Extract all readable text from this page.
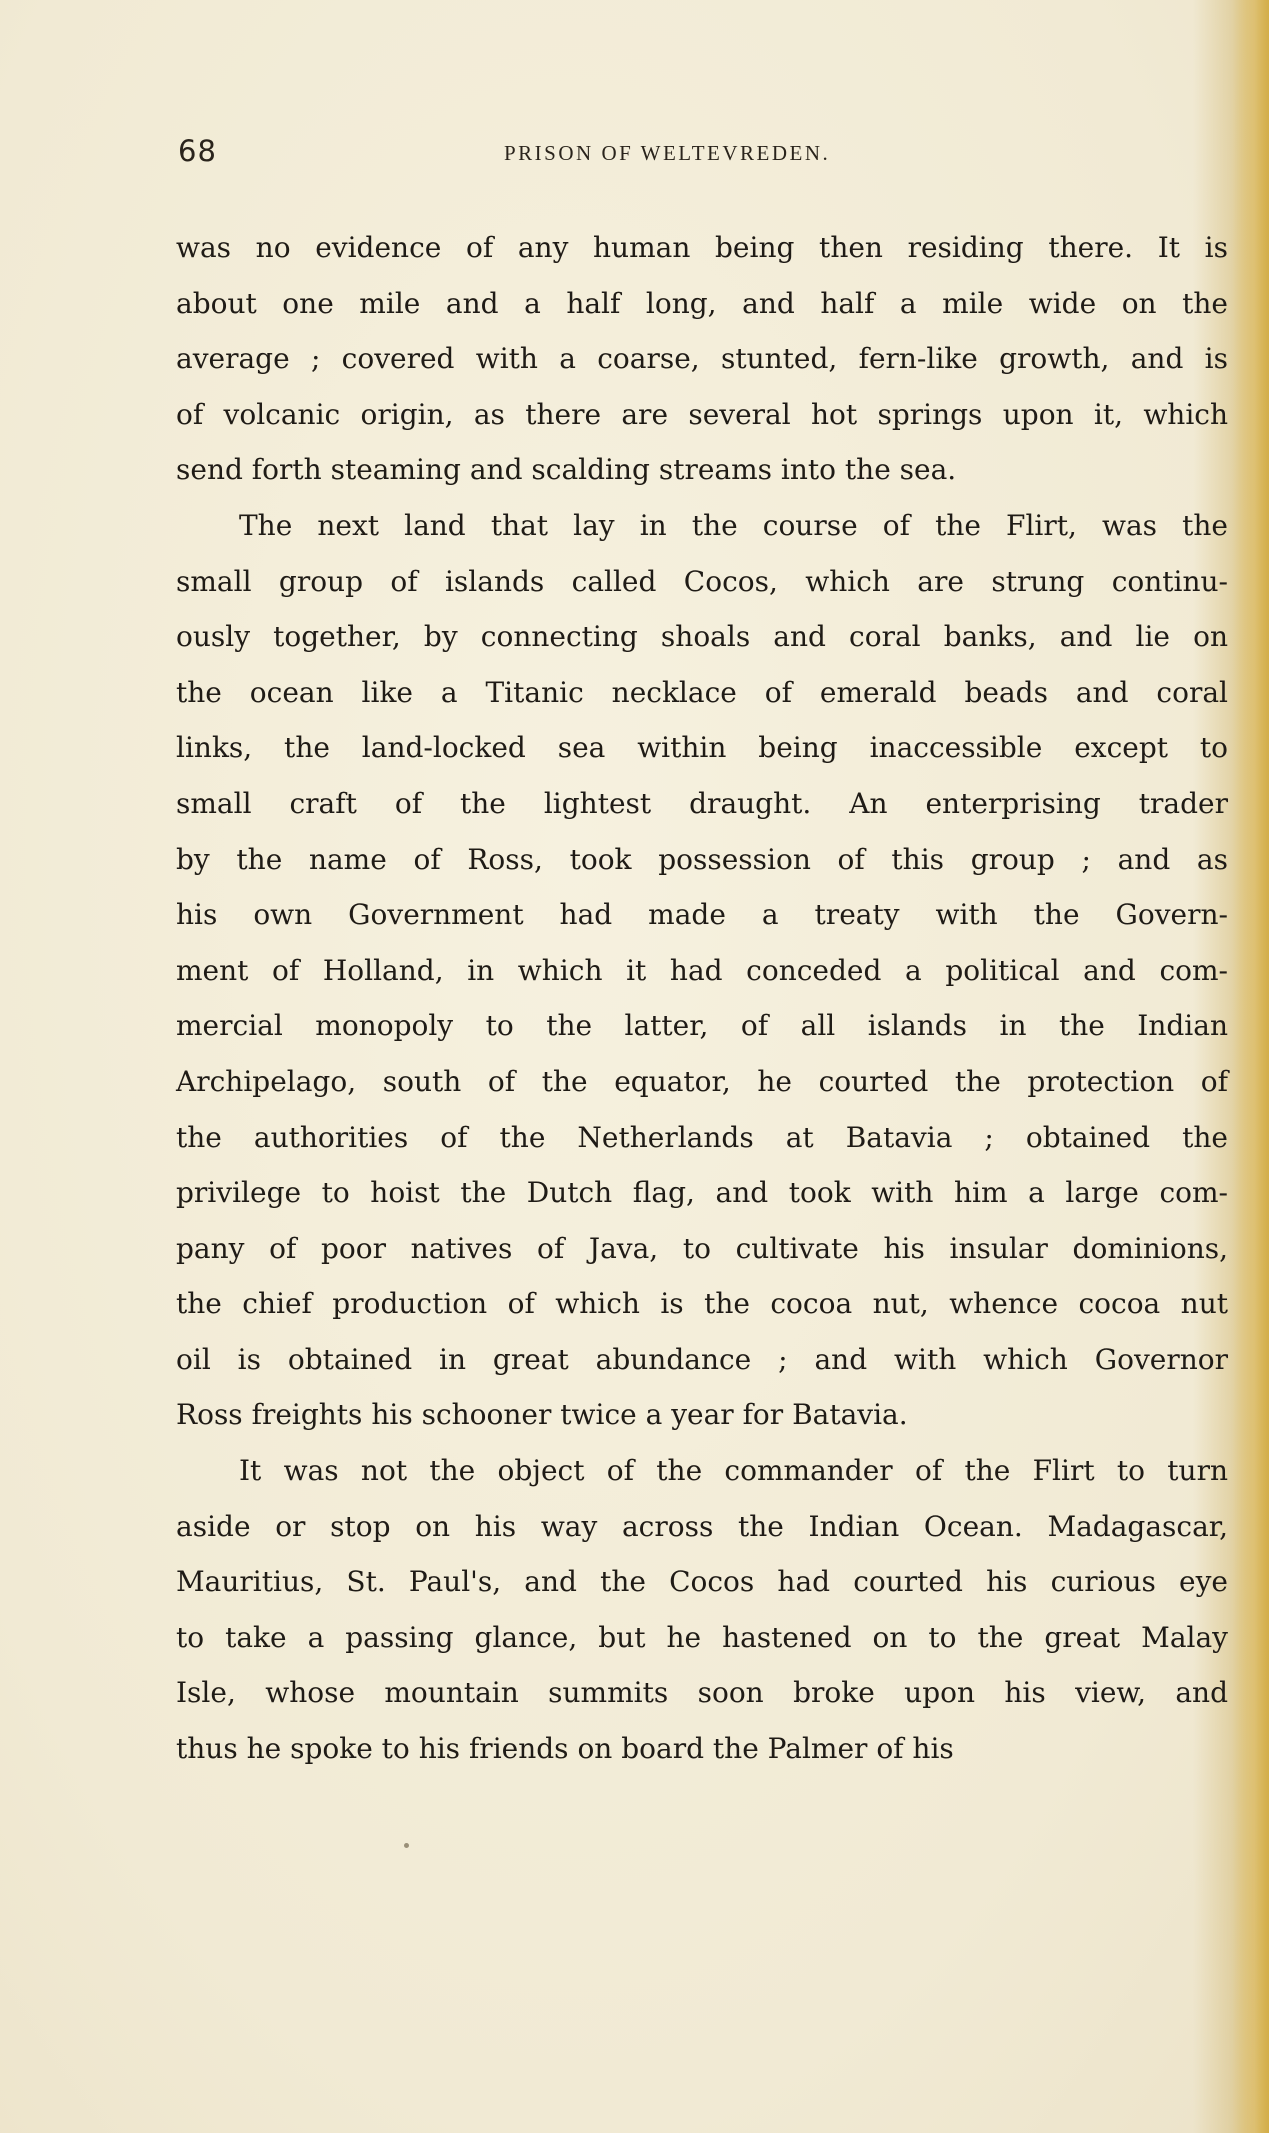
68	PRISON OF WELTEVREDEN.
was no evidence of any human being then residing there. It is
about one mile and a half long, and half a mile wide on the
average ; covered with a coarse, stunted, fern-like growth, and is
of volcanic origin, as there are several hot springs upon it, which
send forth steaming and scalding streams into the sea.
The next land that lay in the course of the Flirt, was the
small group of islands called Cocos, which are strung continu-
ously together, by connecting shoals and coral banks, and lie on
the ocean like a Titanic necklace of emerald beads and coral
links, the land-locked sea within being inaccessible except to
small craft of the lightest draught. An enterprising trader
by the name of Ross, took possession of this group ; and as
his own Government had made a treaty with the Govern-
ment of Holland, in which it had conceded a political and com-
mercial monopoly to the latter, of all islands in the Indian
Archipelago, south of the equator, he courted the protection of
the authorities of the Netherlands at Batavia ; obtained the
privilege to hoist the Dutch flag, and took with him a large com-
pany of poor natives of Java, to cultivate his insular dominions,
the chief production of which is the cocoa nut, whence cocoa nut
oil is obtained in great abundance ; and with which Governor
Ross freights his schooner twice a year for Batavia.
It was not the object of the commander of the Flirt to turn
aside or stop on his way across the Indian Ocean. Madagascar,
Mauritius, St. Paul's, and the Cocos had courted his curious eye
to take a passing glance, but he hastened on to the great Malay
Isle, whose mountain summits soon broke upon his view, and
thus he spoke to his friends on board the Palmer of his
